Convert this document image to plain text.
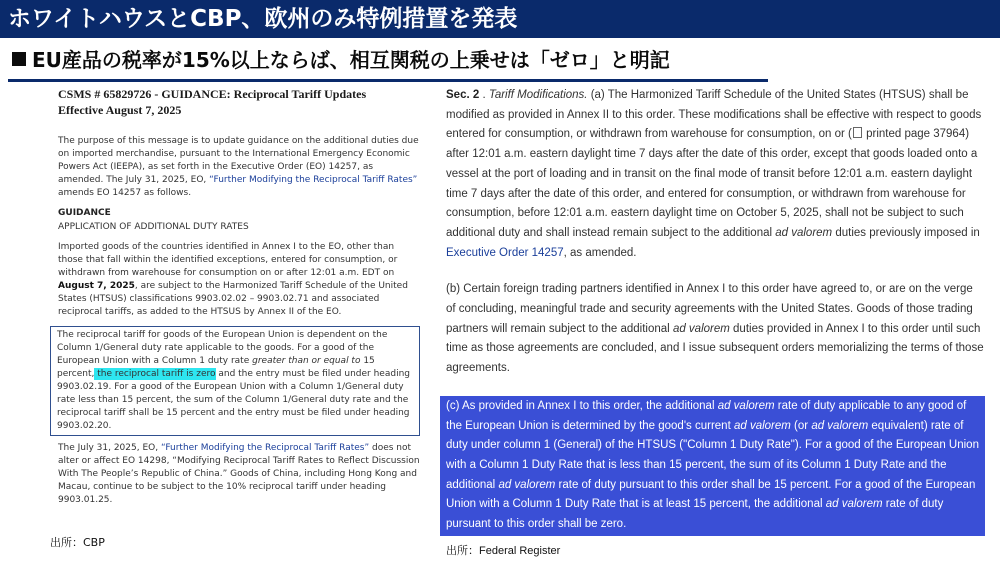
ホワイトハウスとCBP、欧州のみ特例措置を発表
EU産品の税率が15%以上ならば、相互関税の上乗せは「ゼロ」と明記
CSMS # 65829726 - GUIDANCE: Reciprocal Tariff Updates
Effective August 7, 2025

The purpose of this message is to update guidance on the additional duties due on imported merchandise, pursuant to the International Emergency Economic Powers Act (IEEPA), as set forth in the Executive Order (EO) 14257, as amended. The July 31, 2025, EO, “Further Modifying the Reciprocal Tariff Rates” amends EO 14257 as follows.

GUIDANCE
APPLICATION OF ADDITIONAL DUTY RATES

Imported goods of the countries identified in Annex I to the EO, other than those that fall within the identified exceptions, entered for consumption, or withdrawn from warehouse for consumption on or after 12:01 a.m. EDT on August 7, 2025, are subject to the Harmonized Tariff Schedule of the United States (HTSUS) classifications 9903.02.02 – 9903.02.71 and associated reciprocal tariffs, as added to the HTSUS by Annex II of the EO.

The reciprocal tariff for goods of the European Union is dependent on the Column 1/General duty rate applicable to the goods. For a good of the European Union with a Column 1 duty rate greater than or equal to 15 percent, the reciprocal tariff is zero and the entry must be filed under heading 9903.02.19. For a good of the European Union with a Column 1/General duty rate less than 15 percent, the sum of the Column 1/General duty rate and the reciprocal tariff shall be 15 percent and the entry must be filed under heading 9903.02.20.

The July 31, 2025, EO, “Further Modifying the Reciprocal Tariff Rates” does not alter or affect EO 14298, “Modifying Reciprocal Tariff Rates to Reflect Discussion With The People’s Republic of China.” Goods of China, including Hong Kong and Macau, continue to be subject to the 10% reciprocal tariff under heading 9903.01.25.

出所：CBP

Sec. 2 . Tariff Modifications. (a) The Harmonized Tariff Schedule of the United States (HTSUS) shall be modified as provided in Annex II to this order. These modifications shall be effective with respect to goods entered for consumption, or withdrawn from warehouse for consumption, on or ( printed page 37964) after 12:01 a.m. eastern daylight time 7 days after the date of this order, except that goods loaded onto a vessel at the port of loading and in transit on the final mode of transit before 12:01 a.m. eastern daylight time 7 days after the date of this order, and entered for consumption, or withdrawn from warehouse for consumption, before 12:01 a.m. eastern daylight time on October 5, 2025, shall not be subject to such additional duty and shall instead remain subject to the additional ad valorem duties previously imposed in Executive Order 14257, as amended.

(b) Certain foreign trading partners identified in Annex I to this order have agreed to, or are on the verge of concluding, meaningful trade and security agreements with the United States. Goods of those trading partners will remain subject to the additional ad valorem duties provided in Annex I to this order until such time as those agreements are concluded, and I issue subsequent orders memorializing the terms of those agreements.

(c) As provided in Annex I to this order, the additional ad valorem rate of duty applicable to any good of the European Union is determined by the good's current ad valorem (or ad valorem equivalent) rate of duty under column 1 (General) of the HTSUS ("Column 1 Duty Rate"). For a good of the European Union with a Column 1 Duty Rate that is less than 15 percent, the sum of its Column 1 Duty Rate and the additional ad valorem rate of duty pursuant to this order shall be 15 percent. For a good of the European Union with a Column 1 Duty Rate that is at least 15 percent, the additional ad valorem rate of duty pursuant to this order shall be zero.

出所：Federal Register
